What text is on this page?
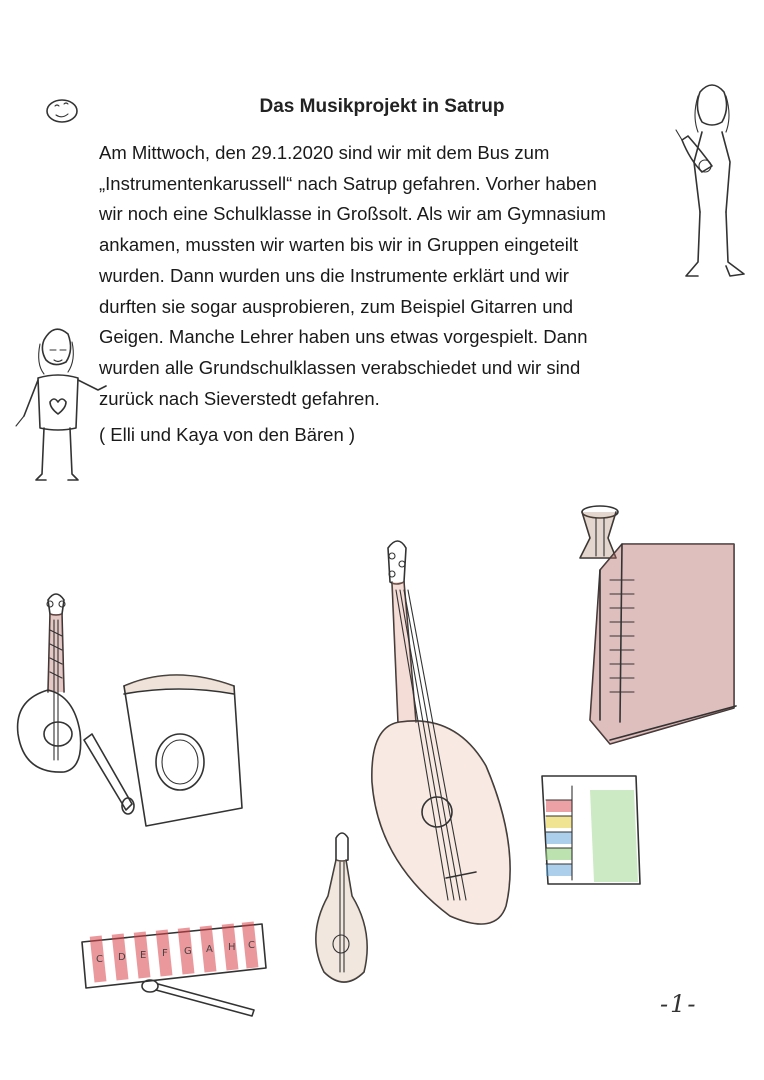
Das Musikprojekt in Satrup
Am Mittwoch, den 29.1.2020 sind wir mit dem Bus zum
„Instrumentenkarussell“ nach Satrup gefahren. Vorher haben
wir noch eine Schulklasse in Großsolt. Als wir am Gymnasium
ankamen, mussten wir warten bis wir in Gruppen eingeteilt
wurden. Dann wurden uns die Instrumente erklärt und wir
durften sie sogar ausprobieren, zum Beispiel Gitarren und
Geigen. Manche Lehrer haben uns etwas vorgespielt. Dann
wurden alle Grundschulklassen verabschiedet und wir sind
zurück nach Sieverstedt gefahren.
( Elli und Kaya von den Bären )
-1-
C D E F G A H C
